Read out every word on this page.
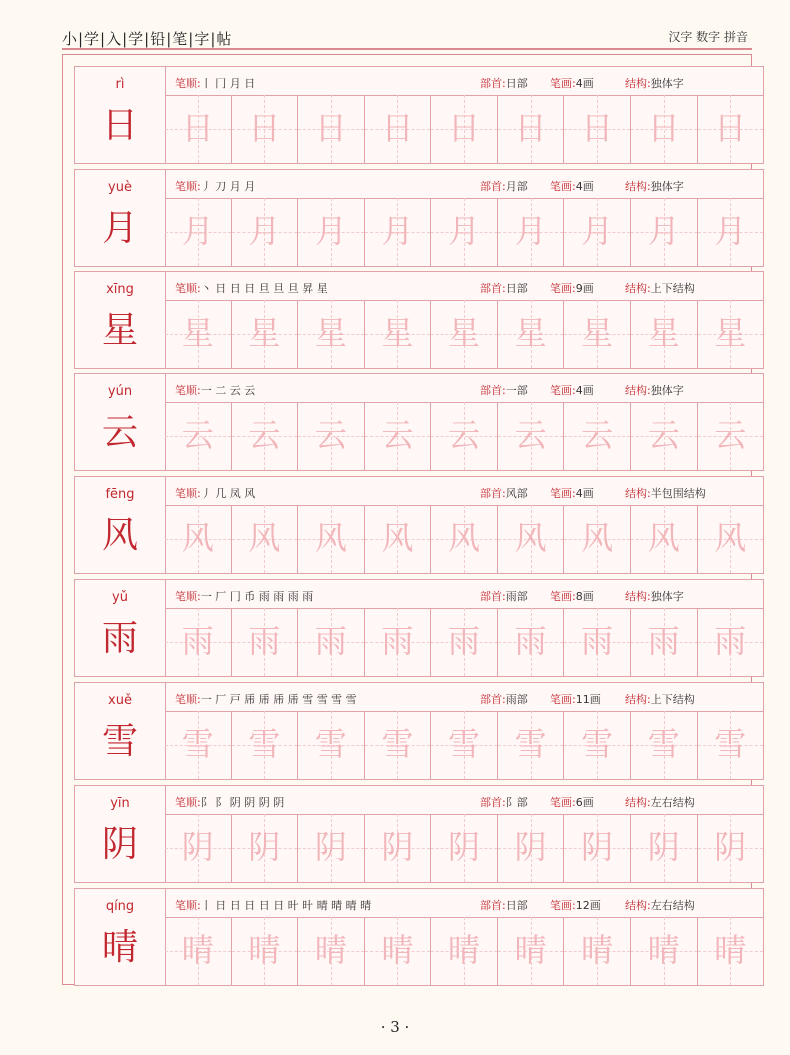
小|学|入|学|铅|笔|字|帖	汉字 数字 拼音
rì
日
笔顺:丨 冂 月 日	部首:日部 笔画:4画	结构:独体字
日	日	日	日	日	日	日	日	日
yuè
月
笔顺:丿 刀 月 月	部首:月部 笔画:4画	结构:独体字
月	月	月	月	月	月	月	月	月
xīng
星
笔顺:丶 日 日 日 旦 旦 旦 昇 星	部首:日部 笔画:9画	结构:上下结构
星	星	星	星	星	星	星	星	星
yún
云
笔顺:一 二 云 云	部首:一部 笔画:4画	结构:独体字
云	云	云	云	云	云	云	云	云
fēng
风
笔顺:丿 几 凤 风	部首:风部 笔画:4画	结构:半包围结构
风	风	风	风	风	风	风	风	风
yǔ
雨
笔顺:一 厂 冂 币 雨 雨 雨 雨	部首:雨部 笔画:8画	结构:独体字
雨	雨	雨	雨	雨	雨	雨	雨	雨
xuě
雪
笔顺:一 厂 戸 乕 乕 乕 乕 雪 雪 雪 雪	部首:雨部 笔画:11画 结构:上下结构
雪	雪	雪	雪	雪	雪	雪	雪	雪
yīn
阴
笔顺:阝 阝 阴 阴 阴 阴	部首:阝部 笔画:6画	结构:左右结构
阴	阴	阴	阴	阴	阴	阴	阴	阴
qíng
晴
笔顺:丨 日 日 日 日 日 旪 旪 晴 晴 晴 晴	部首:日部 笔画:12画 结构:左右结构
晴	晴	晴	晴	晴	晴	晴	晴	晴
· 3 ·
